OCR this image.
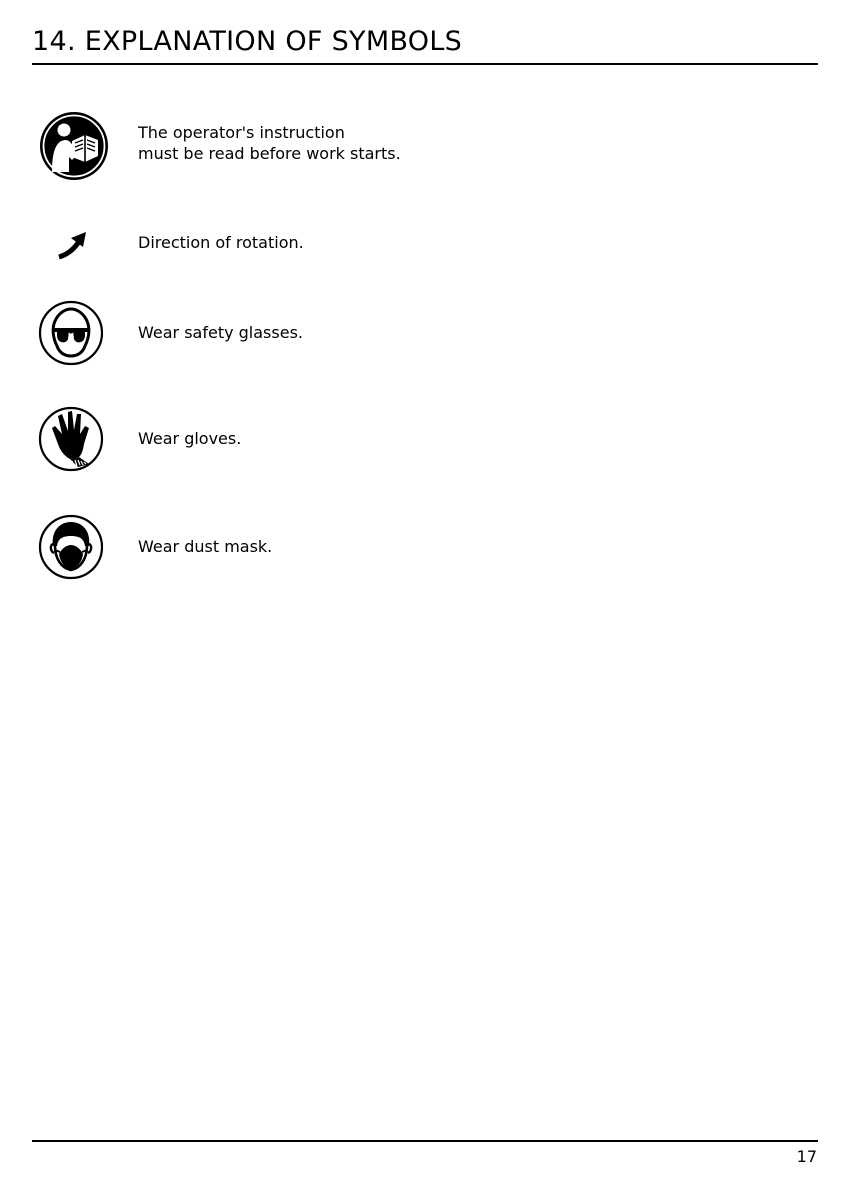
14. EXPLANATION OF SYMBOLS
The operator's instruction
must be read before work starts.
Direction of rotation.
Wear safety glasses.
Wear gloves.
Wear dust mask.
17
